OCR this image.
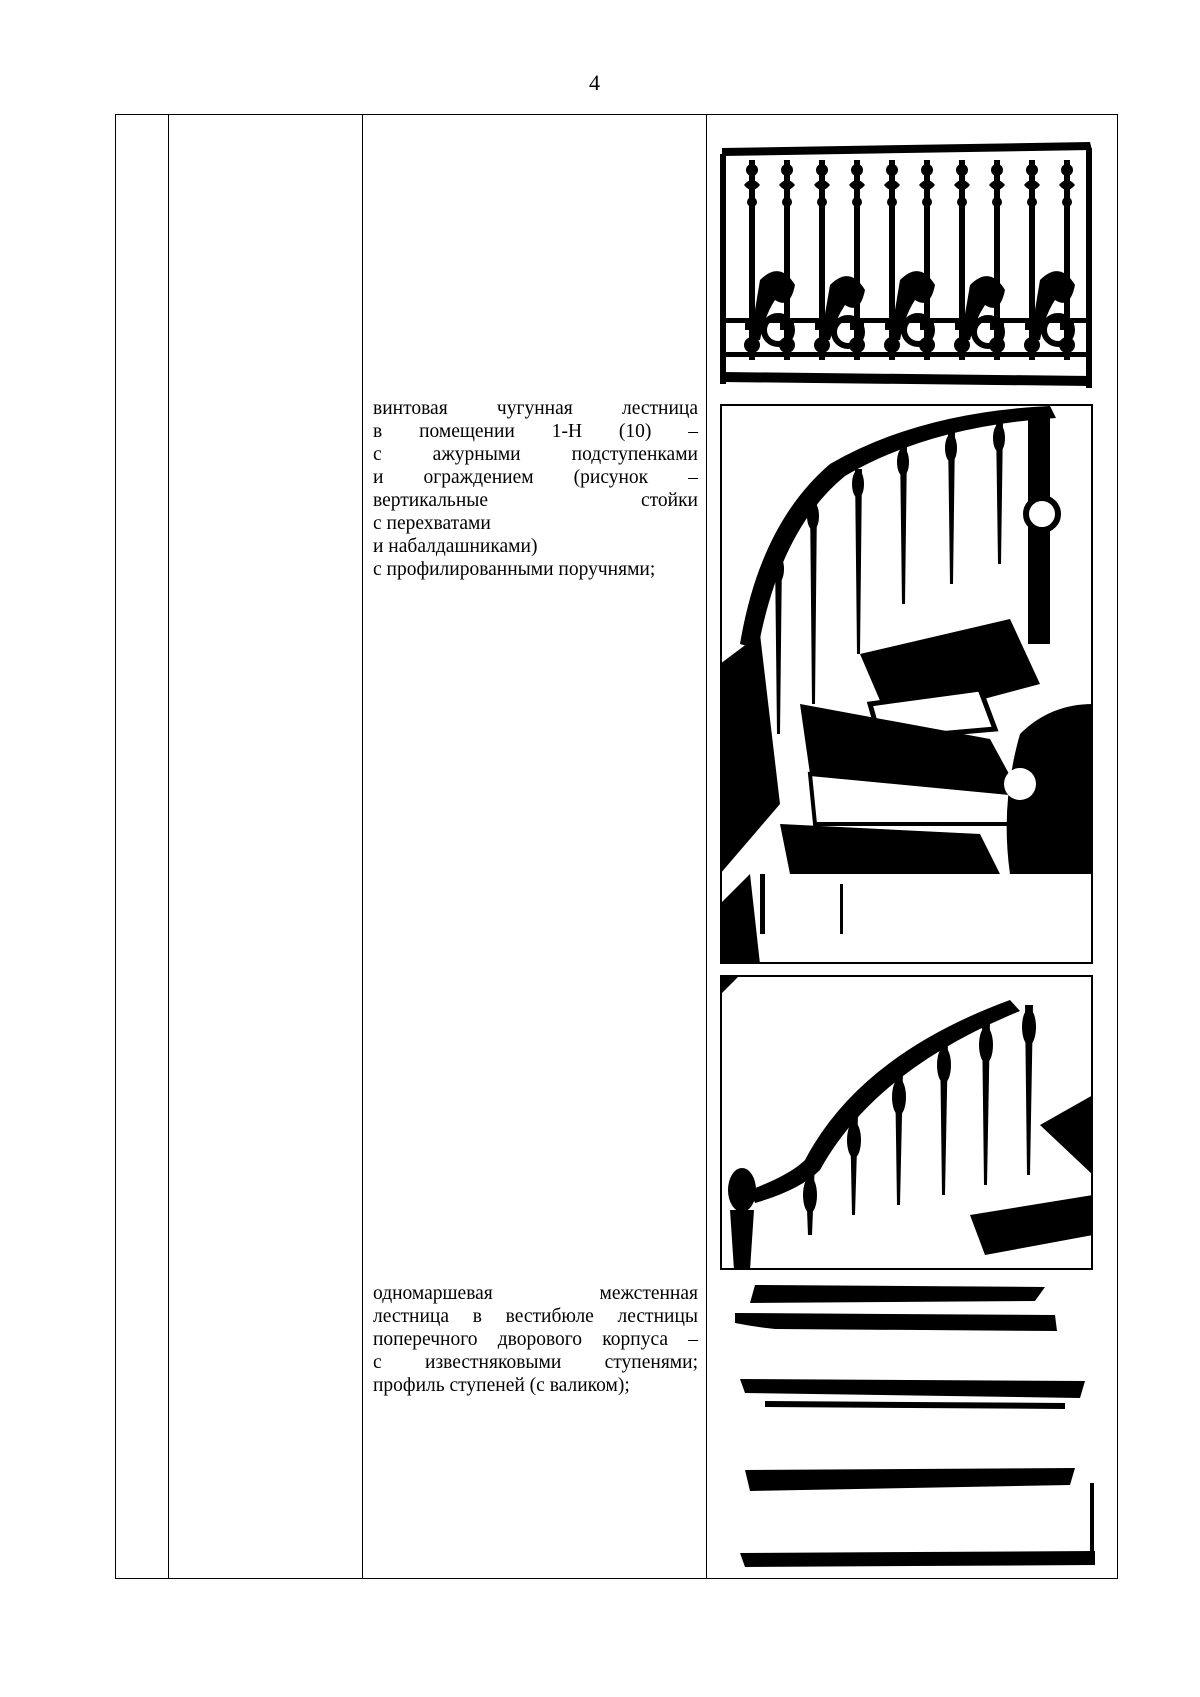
4
винтовая чугунная лестница
в помещении 1-Н (10) –
с ажурными подступенками
и ограждением (рисунок –
вертикальные стойки
с перехватами
и набалдашниками)
с профилированными поручнями;
одномаршевая межстенная
лестница в вестибюле лестницы
поперечного дворового корпуса –
с известняковыми ступенями;
профиль ступеней (с валиком);
